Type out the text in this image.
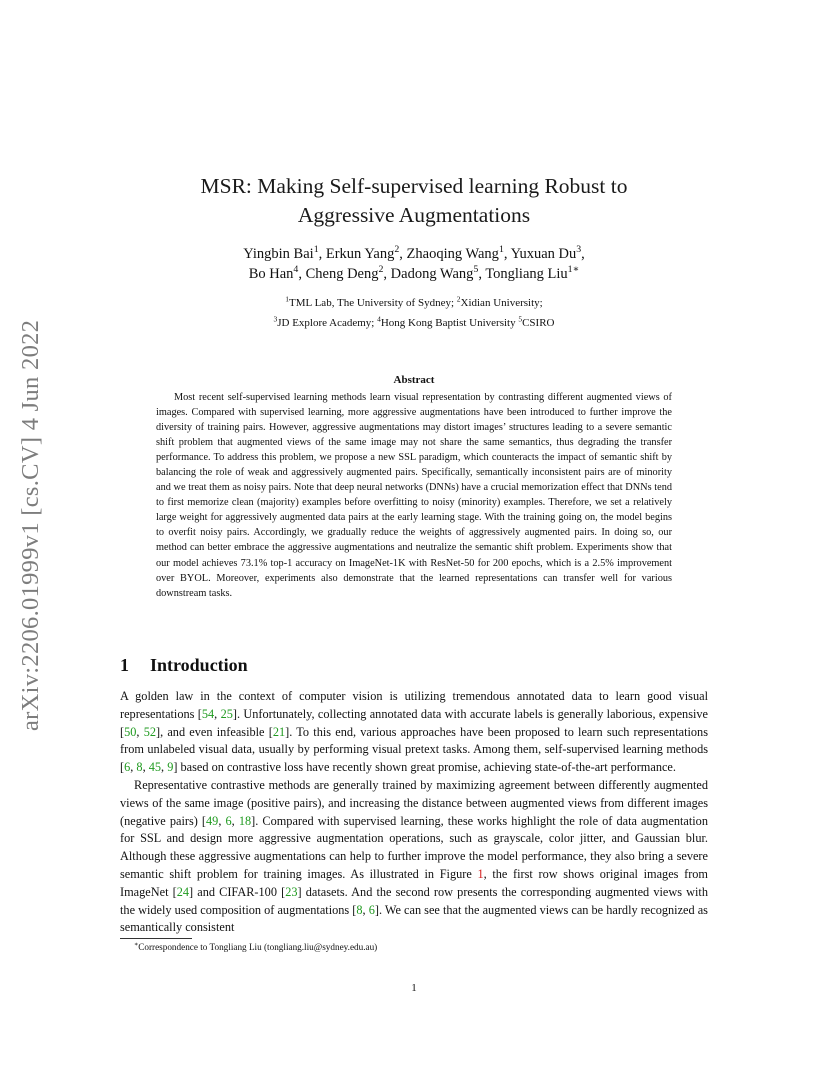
arXiv:2206.01999v1 [cs.CV] 4 Jun 2022
MSR: Making Self-supervised learning Robust to
Aggressive Augmentations
Yingbin Bai$^1$, Erkun Yang$^2$, Zhaoqing Wang$^1$, Yuxuan Du$^3$,
Bo Han$^4$, Cheng Deng$^2$, Dadong Wang$^5$, Tongliang Liu$^{1∗}$
$^1$TML Lab, The University of Sydney; $^2$Xidian University;
$^3$JD Explore Academy; $^4$Hong Kong Baptist University $^5$CSIRO
Abstract
Most recent self-supervised learning methods learn visual representation by contrasting different augmented views of images. Compared with supervised learning, more aggressive augmentations have been introduced to further improve the diversity of training pairs. However, aggressive augmentations may distort images’ structures leading to a severe semantic shift problem that augmented views of the same image may not share the same semantics, thus degrading the transfer performance. To address this problem, we propose a new SSL paradigm, which counteracts the impact of semantic shift by balancing the role of weak and aggressively augmented pairs. Specifically, semantically inconsistent pairs are of minority and we treat them as noisy pairs. Note that deep neural networks (DNNs) have a crucial memorization effect that DNNs tend to first memorize clean (majority) examples before overfitting to noisy (minority) examples. Therefore, we set a relatively large weight for aggressively augmented data pairs at the early learning stage. With the training going on, the model begins to overfit noisy pairs. Accordingly, we gradually reduce the weights of aggressively augmented pairs. In doing so, our method can better embrace the aggressive augmentations and neutralize the semantic shift problem. Experiments show that our model achieves 73.1% top-1 accuracy on ImageNet-1K with ResNet-50 for 200 epochs, which is a 2.5% improvement over BYOL. Moreover, experiments also demonstrate that the learned representations can transfer well for various downstream tasks.
1 Introduction

A golden law in the context of computer vision is utilizing tremendous annotated data to learn good visual representations [54, 25]. Unfortunately, collecting annotated data with accurate labels is generally laborious, expensive [50, 52], and even infeasible [21]. To this end, various approaches have been proposed to learn such representations from unlabeled visual data, usually by performing visual pretext tasks. Among them, self-supervised learning methods [6, 8, 45, 9] based on contrastive loss have recently shown great promise, achieving state-of-the-art performance.

Representative contrastive methods are generally trained by maximizing agreement between differently augmented views of the same image (positive pairs), and increasing the distance between augmented views from different images (negative pairs) [49, 6, 18]. Compared with supervised learning, these works highlight the role of data augmentation for SSL and design more aggressive augmentation operations, such as grayscale, color jitter, and Gaussian blur. Although these aggressive augmentations can help to further improve the model performance, they also bring a severe semantic shift problem for training images. As illustrated in Figure 1, the first row shows original images from ImageNet [24] and CIFAR-100 [23] datasets. And the second row presents the corresponding augmented views with the widely used composition of augmentations [8, 6]. We can see that the augmented views can be hardly recognized as semantically consistent

∗Correspondence to Tongliang Liu (tongliang.liu@sydney.edu.au)
1
